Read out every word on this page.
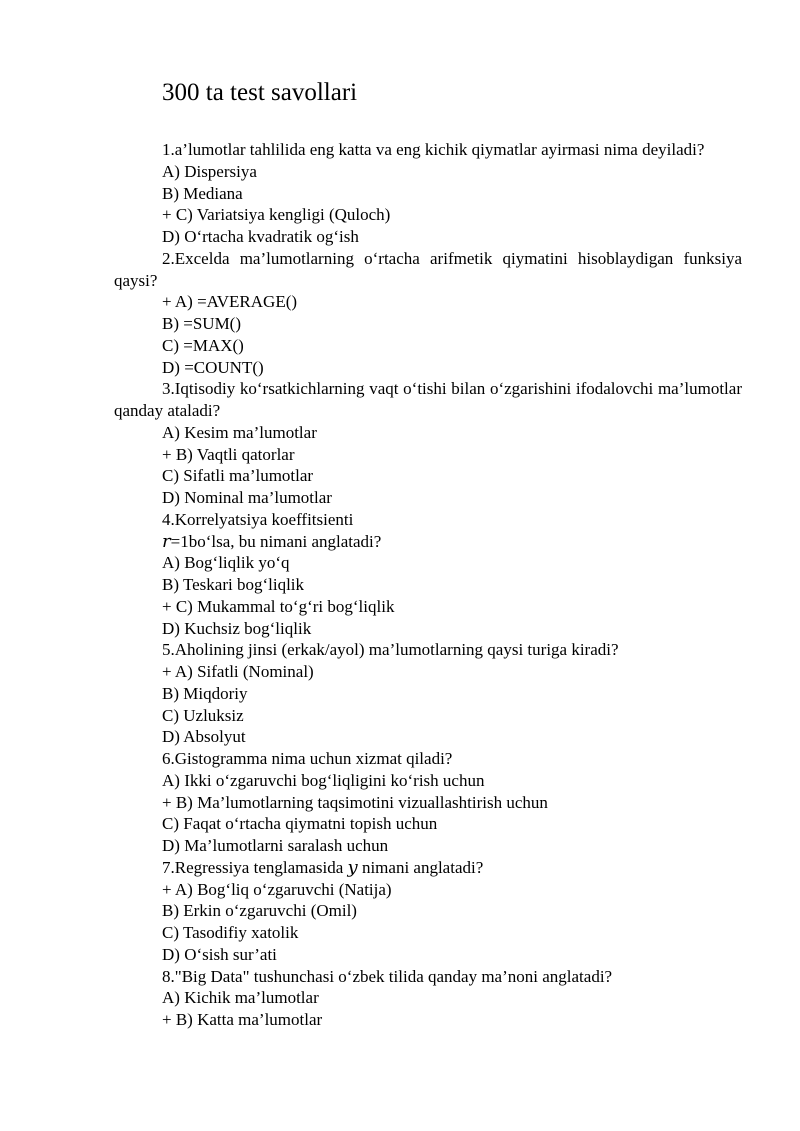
300 ta test savollari

1.a’lumotlar tahlilida eng katta va eng kichik qiymatlar ayirmasi nima deyiladi?

A) Dispersiya

B) Mediana

+ C) Variatsiya kengligi (Quloch)

D) O‘rtacha kvadratik og‘ish

2.Excelda ma’lumotlarning o‘rtacha arifmetik qiymatini hisoblaydigan funksiya qaysi?

+ A) =AVERAGE()

B) =SUM()

C) =MAX()

D) =COUNT()

3.Iqtisodiy ko‘rsatkichlarning vaqt o‘tishi bilan o‘zgarishini ifodalovchi ma’lumotlar qanday ataladi?

A) Kesim ma’lumotlar

+ B) Vaqtli qatorlar

C) Sifatli ma’lumotlar

D) Nominal ma’lumotlar

4.Korrelyatsiya koeffitsienti

r=1bo‘lsa, bu nimani anglatadi?

A) Bog‘liqlik yo‘q

B) Teskari bog‘liqlik

+ C) Mukammal to‘g‘ri bog‘liqlik

D) Kuchsiz bog‘liqlik

5.Aholining jinsi (erkak/ayol) ma’lumotlarning qaysi turiga kiradi?

+ A) Sifatli (Nominal)

B) Miqdoriy

C) Uzluksiz

D) Absolyut

6.Gistogramma nima uchun xizmat qiladi?

A) Ikki o‘zgaruvchi bog‘liqligini ko‘rish uchun

+ B) Ma’lumotlarning taqsimotini vizuallashtirish uchun

C) Faqat o‘rtacha qiymatni topish uchun

D) Ma’lumotlarni saralash uchun

7.Regressiya tenglamasida y nimani anglatadi?

+ A) Bog‘liq o‘zgaruvchi (Natija)

B) Erkin o‘zgaruvchi (Omil)

C) Tasodifiy xatolik

D) O‘sish sur’ati

8."Big Data" tushunchasi o‘zbek tilida qanday ma’noni anglatadi?

A) Kichik ma’lumotlar

+ B) Katta ma’lumotlar
